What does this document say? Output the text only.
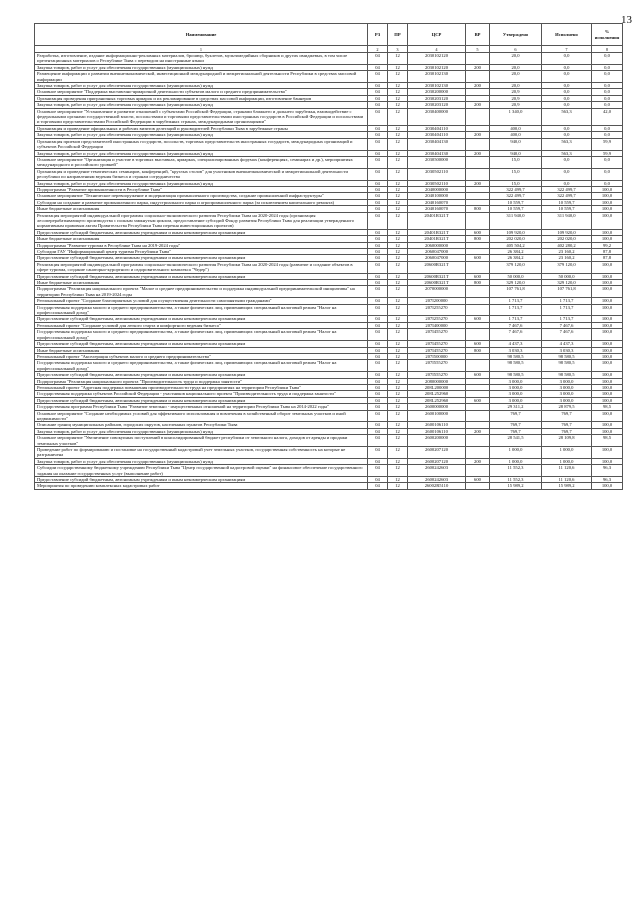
13
Наименование	РЗ	ПР	ЦСР	ВР	Утверждено	Исполнено	% исполнения
1	2	3	4	5	6	7	8
Разработка, изготовление, издание информационно-рекламных материалов, брошюр, буклетов, мультимедийных сборников и других имиджевых, в том числе презентационных материалов о Республике Тыва с переводом на иностранные языки	04	12	2030102120		20,0	0,0	0,0
Закупка товаров, работ и услуг для обеспечения государственных (муниципальных) нужд	04	12	2030102120	200	20,0	0,0	0,0
Размещение информации о развитии внешнеэкономической, инвестиционной международной и межрегиональной деятельности Республики в средствах массовой информации	04	12	2030102130		20,0	0,0	0,0
Закупка товаров, работ и услуг для обеспечения государственных (муниципальных) нужд	04	12	2030102130	200	20,0	0,0	0,0
Основное мероприятие "Поддержка выставочно-ярмарочной деятельности субъектов малого и среднего предпринимательства"	04	12	2030200000		20,9	0,0	0,0
Организация проведения приграничных торговых ярмарок и их рекламирование в средствах массовой информации, изготовление баннеров	04	12	2030203120		20,9	0,0	0,0
Закупка товаров, работ и услуг для обеспечения государственных (муниципальных) нужд	04	12	2030203120	200	20,9	0,0	0,0
Основное мероприятие "Установление и развитие отношений с субъектами Российской Федерации, странами ближнего и дальнего зарубежья, взаимодействие с федеральными органами государственной власти, посольствами и торговыми представительствами иностранных государств в Российской Федерации и посольствами и торговыми представительствами Российской Федерации в зарубежных странах, международными организациями"	04	12	2030400000		1 340,0	563,3	42,0
Организация и проведение официальных и рабочих визитов делегаций и руководителей Республики Тыва в зарубежные страны	04	12	2030404110		400,0	0,0	0,0
Закупка товаров, работ и услуг для обеспечения государственных (муниципальных) нужд	04	12	2030404110	200	400,0	0,0	0,0
Организация приемов представителей иностранных государств, посольств, торговых представительств иностранных государств, международных организаций и субъектов Российской Федерации	04	12	2030404130		940,0	563,3	59,9
Закупка товаров, работ и услуг для обеспечения государственных (муниципальных) нужд	04	12	2030404130	200	940,0	563,3	59,9
Основное мероприятие "Организация и участие в торговых выставках, ярмарках, специализированных форумах (конференциях, семинарах и др.), мероприятиях международного и российского уровней"	04	12	2030500000		15,0	0,0	0,0
Организация и проведение тематических семинаров, конференций, "круглых столов" для участников внешнеэкономической и межрегиональной деятельности республики по направлениям ведения бизнеса и странам сотрудничества	04	12	2030502110		15,0	0,0	0,0
Закупка товаров, работ и услуг для обеспечения государственных (муниципальных) нужд	04	12	2030502110	200	15,0	0,0	0,0
Подпрограмма "Развитие промышленности в Республике Тыва"	04	12	2040000000		322 499,7	322 499,7	100,0
Основное мероприятие "Техническое перевооружение и модернизация промышленного производства, создание промышленной инфраструктуры"	04	12	2040100000		322 499,7	322 499,7	100,0
Субсидии на создание и развитие промышленного парка, индустриального парка и агропромышленного парка (за исключением капитального ремонта)	04	12	2040160070		10 559,7	10 559,7	100,0
Иные бюджетные ассигнования	04	12	2040160070	800	10 559,7	10 559,7	100,0
Реализация мероприятий индивидуальной программы социально-экономического развития Республики Тыва на 2020-2024 годы (организация лесоперерабатывающего производства с полным замкнутым циклом, предоставление субсидий Фонду развития Республики Тыва для реализации утвержденного нормативным правовым актом Правительства Республики Тыва перечня инвестиционных проектов)	04	12	20401R321T		311 940,0	311 940,0	100,0
Предоставление субсидий бюджетным, автономным учреждениям и иным некоммерческим организациям	04	12	20401R321T	600	109 920,0	109 920,0	100,0
Иные бюджетные ассигнования	04	12	20401R321T	800	202 020,0	202 020,0	100,0
Подпрограмма "Развитие туризма в Республике Тыва на 2019-2024 годы"	04	12	2060000000		405 504,2	402 280,2	99,2
Субсидии ГАУ "Информационный центр туризма Республики Тыва"	04	12	2060047000		26 384,2	23 160,2	87,8
Предоставление субсидий бюджетным, автономным учреждениям и иным некоммерческим организациям	04	12	2060047000	600	26 384,2	23 160,2	87,8
Реализация мероприятий индивидуальной программы социально-экономического развития Республики Тыва на 2020-2024 годы (развитие и создание объектов в сфере туризма, создание санаторно-курортного и оздоровительного комплекса "Чедер")	04	12	20600R321T		379 120,0	379 120,0	100,0
Предоставление субсидий бюджетным, автономным учреждениям и иным некоммерческим организациям	04	12	20600R321T	600	50 000,0	50 000,0	100,0
Иные бюджетные ассигнования	04	12	20600R321T	800	329 120,0	329 120,0	100,0
Подпрограмма "Реализация национального проекта "Малое и среднее предпринимательство и поддержка индивидуальной предпринимательской инициативы" на территории Республики Тыва на 2019-2024 годы	04	12	2070000000		107 761,8	107 761,8	100,0
Региональный проект "Создание благоприятных условий для осуществления деятельности самозанятыми гражданами"	04	12	207I200000		1 713,7	1 713,7	100,0
Государственная поддержка малого и среднего предпринимательства, а также физических лиц, применяющих специальный налоговый режим "Налог на профессиональный доход"	04	12	207I255270		1 713,7	1 713,7	100,0
Предоставление субсидий бюджетным, автономным учреждениям и иным некоммерческим организациям	04	12	207I255270	600	1 713,7	1 713,7	100,0
Региональный проект "Создание условий для легкого старта и комфортного ведения бизнеса"	04	12	207I400000		7 467,6	7 467,6	100,0
Государственная поддержка малого и среднего предпринимательства, а также физических лиц, применяющих специальный налоговый режим "Налог на профессиональный доход"	04	12	207I455270		7 467,6	7 467,6	100,0
Предоставление субсидий бюджетным, автономным учреждениям и иным некоммерческим организациям	04	12	207I455270	600	4 437,3	4 437,3	100,0
Иные бюджетные ассигнования	04	12	207I455270	800	3 030,3	3 030,3	100,0
Региональный проект "Акселерация субъектов малого и среднего предпринимательства"	04	12	207I500000		98 580,5	98 580,5	100,0
Государственная поддержка малого и среднего предпринимательства, а также физических лиц, применяющих специальный налоговый режим "Налог на профессиональный доход"	04	12	207I555270		98 580,5	98 580,5	100,0
Предоставление субсидий бюджетным, автономным учреждениям и иным некоммерческим организациям	04	12	207I555270	600	98 580,5	98 580,5	100,0
Подпрограмма "Реализация национального проекта "Производительность труда и поддержка занятости"	04	12	2080000000		3 000,0	3 000,0	100,0
Региональный проект "Адресная поддержка повышения производительности труда на предприятиях на территории Республики Тыва"	04	12	208L200000		3 000,0	3 000,0	100,0
Государственная поддержка субъектов Российской Федерации - участников национального проекта "Производительность труда и поддержка занятости"	04	12	208L252960		3 000,0	3 000,0	100,0
Предоставление субсидий бюджетным, автономным учреждениям и иным некоммерческим организациям	04	12	208L252960	600	3 000,0	3 000,0	100,0
Государственная программа Республики Тыва "Развитие земельно - имущественных отношений на территории Республики Тыва на 2014-2022 годы"	04	12	2600000000		29 311,2	28 879,5	98,5
Основное мероприятие "Создание необходимых условий для эффективного использования и вовлечения в хозяйственный оборот земельных участков и иной недвижимости"	04	12	2600100000		769,7	769,7	100,0
Описание границ муниципальных районов, городских округов, населенных пунктов Республики Тыва	04	12	2600106110		769,7	769,7	100,0
Закупка товаров, работ и услуг для обеспечения государственных (муниципальных) нужд	04	12	2600106110	200	769,7	769,7	100,0
Основное мероприятие "Увеличение совокупных поступлений в консолидированный бюджет республики от земельного налога, доходов от аренды и продажи земельных участков"	04	12	2600200000		28 541,5	28 109,8	98,5
Проведение работ по формированию и постановке на государственный кадастровый учет земельных участков, государственная собственность на которые не разграничена	04	12	2600207120		1 000,0	1 000,0	100,0
Закупка товаров, работ и услуг для обеспечения государственных (муниципальных) нужд	04	12	2600207120	200	1 000,0	1 000,0	100,0
Субсидии государственному бюджетному учреждению Республики Тыва "Центр государственной кадастровой оценки" на финансовое обеспечение государственного задания на оказание государственных услуг (выполнение работ)	04	12	2600242603		11 552,3	11 120,6	96,3
Предоставление субсидий бюджетным, автономным учреждениям и иным некоммерческим организациям	04	12	2600242603	600	11 552,3	11 120,6	96,3
Мероприятия по проведению комплексных кадастровых работ	04	12	26002R5110		15 989,2	15 989,2	100,0
